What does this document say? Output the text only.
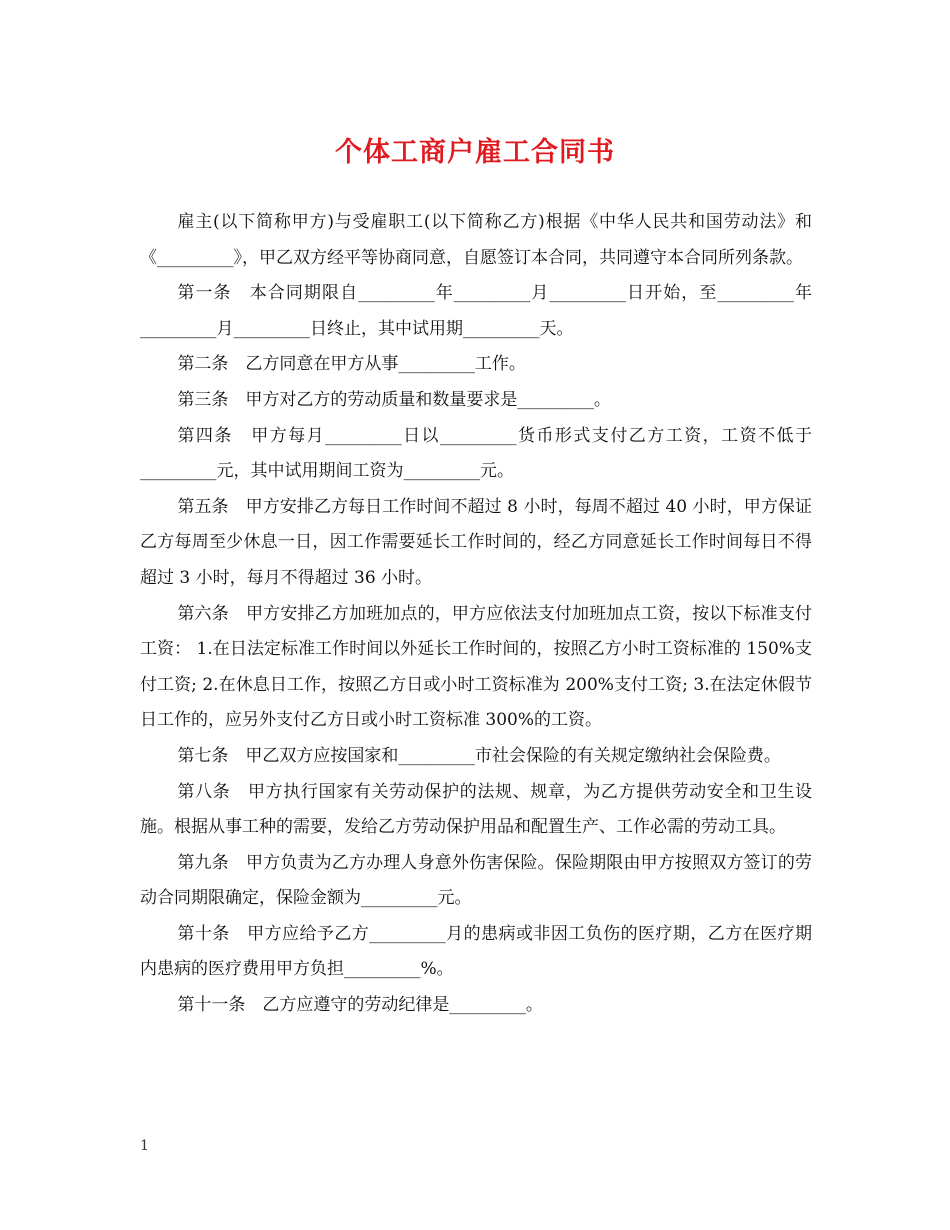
个体工商户雇工合同书

雇主(以下简称甲方)与受雇职工(以下简称乙方)根据《中华人民共和国劳动法》和《_________》，甲乙双方经平等协商同意，自愿签订本合同，共同遵守本合同所列条款。

第一条　本合同期限自_________年_________月_________日开始，至_________年_________月_________日终止，其中试用期_________天。

第二条　乙方同意在甲方从事_________工作。

第三条　甲方对乙方的劳动质量和数量要求是_________。

第四条　甲方每月_________日以_________货币形式支付乙方工资，工资不低于_________元，其中试用期间工资为_________元。

第五条　甲方安排乙方每日工作时间不超过 8 小时，每周不超过 40 小时，甲方保证乙方每周至少休息一日，因工作需要延长工作时间的，经乙方同意延长工作时间每日不得超过 3 小时，每月不得超过 36 小时。

第六条　甲方安排乙方加班加点的，甲方应依法支付加班加点工资，按以下标准支付工资： 1.在日法定标准工作时间以外延长工作时间的，按照乙方小时工资标准的 150%支付工资; 2.在休息日工作，按照乙方日或小时工资标准为 200%支付工资; 3.在法定休假节日工作的，应另外支付乙方日或小时工资标准 300%的工资。

第七条　甲乙双方应按国家和_________市社会保险的有关规定缴纳社会保险费。

第八条　甲方执行国家有关劳动保护的法规、规章，为乙方提供劳动安全和卫生设施。根据从事工种的需要，发给乙方劳动保护用品和配置生产、工作必需的劳动工具。

第九条　甲方负责为乙方办理人身意外伤害保险。保险期限由甲方按照双方签订的劳动合同期限确定，保险金额为_________元。

第十条　甲方应给予乙方_________月的患病或非因工负伤的医疗期，乙方在医疗期内患病的医疗费用甲方负担_________%。

第十一条　乙方应遵守的劳动纪律是_________。

1
